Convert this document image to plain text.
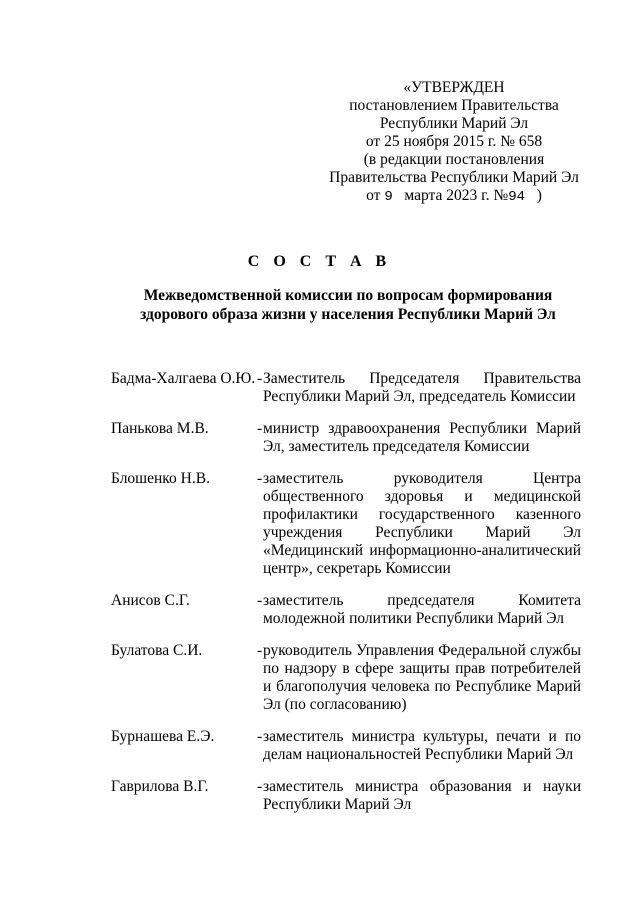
«УТВЕРЖДЕН
постановлением Правительства
Республики Марий Эл
от 25 ноября 2015 г. № 658
(в редакции постановления
Правительства Республики Марий Эл
от 9 марта 2023 г. №94 )
С О С Т А В
Межведомственной комиссии по вопросам формирования
здорового образа жизни у населения Республики Марий Эл
Бадма-Халгаева О.Ю. - Заместитель Председателя Правительства Республики Марий Эл, председатель Комиссии
Панькова М.В.	- министр здравоохранения Республики Марий Эл, заместитель председателя Комиссии
Блошенко Н.В.	- заместитель руководителя Центра общественного здоровья и медицинской профилактики государственного казенного учреждения Республики Марий Эл «Медицинский информационно-аналитический центр», секретарь Комиссии
Анисов С.Г.	- заместитель председателя Комитета молодежной политики Республики Марий Эл
Булатова С.И.	- руководитель Управления Федеральной службы по надзору в сфере защиты прав потребителей и благополучия человека по Республике Марий Эл (по согласованию)
Бурнашева Е.Э.	- заместитель министра культуры, печати и по делам национальностей Республики Марий Эл
Гаврилова В.Г.	- заместитель министра образования и науки Республики Марий Эл
